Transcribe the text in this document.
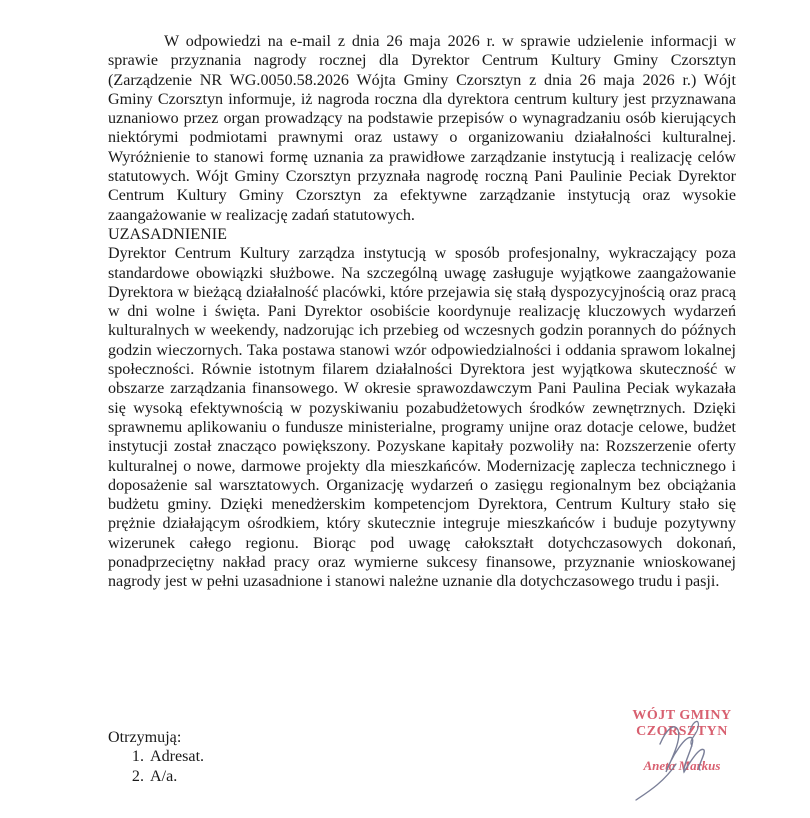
W odpowiedzi na e-mail z dnia 26 maja 2026 r. w sprawie udzielenie informacji w sprawie przyznania nagrody rocznej dla Dyrektor Centrum Kultury Gminy Czorsztyn (Zarządzenie NR WG.0050.58.2026 Wójta Gminy Czorsztyn z dnia 26 maja 2026 r.) Wójt Gminy Czorsztyn informuje, iż nagroda roczna dla dyrektora centrum kultury jest przyznawana uznaniowo przez organ prowadzący na podstawie przepisów o wynagradzaniu osób kierujących niektórymi podmiotami prawnymi oraz ustawy o organizowaniu działalności kulturalnej. Wyróżnienie to stanowi formę uznania za prawidłowe zarządzanie instytucją i realizację celów statutowych. Wójt Gminy Czorsztyn przyznała nagrodę roczną Pani Paulinie Peciak Dyrektor Centrum Kultury Gminy Czorsztyn za efektywne zarządzanie instytucją oraz wysokie zaangażowanie w realizację zadań statutowych.

UZASADNIENIE

Dyrektor Centrum Kultury zarządza instytucją w sposób profesjonalny, wykraczający poza standardowe obowiązki służbowe. Na szczególną uwagę zasługuje wyjątkowe zaangażowanie Dyrektora w bieżącą działalność placówki, które przejawia się stałą dyspozycyjnością oraz pracą w dni wolne i święta. Pani Dyrektor osobiście koordynuje realizację kluczowych wydarzeń kulturalnych w weekendy, nadzorując ich przebieg od wczesnych godzin porannych do późnych godzin wieczornych. Taka postawa stanowi wzór odpowiedzialności i oddania sprawom lokalnej społeczności. Równie istotnym filarem działalności Dyrektora jest wyjątkowa skuteczność w obszarze zarządzania finansowego. W okresie sprawozdawczym Pani Paulina Peciak wykazała się wysoką efektywnością w pozyskiwaniu pozabudżetowych środków zewnętrznych. Dzięki sprawnemu aplikowaniu o fundusze ministerialne, programy unijne oraz dotacje celowe, budżet instytucji został znacząco powiększony. Pozyskane kapitały pozwoliły na: Rozszerzenie oferty kulturalnej o nowe, darmowe projekty dla mieszkańców. Modernizację zaplecza technicznego i doposażenie sal warsztatowych. Organizację wydarzeń o zasięgu regionalnym bez obciążania budżetu gminy. Dzięki menedżerskim kompetencjom Dyrektora, Centrum Kultury stało się prężnie działającym ośrodkiem, który skutecznie integruje mieszkańców i buduje pozytywny wizerunek całego regionu. Biorąc pod uwagę całokształt dotychczasowych dokonań, ponadprzeciętny nakład pracy oraz wymierne sukcesy finansowe, przyznanie wnioskowanej nagrody jest w pełni uzasadnione i stanowi należne uznanie dla dotychczasowego trudu i pasji.

Otrzymują:
1. Adresat.
2. A/a.
WÓJT GMINY
CZORSZTYN
Aneta Markus
